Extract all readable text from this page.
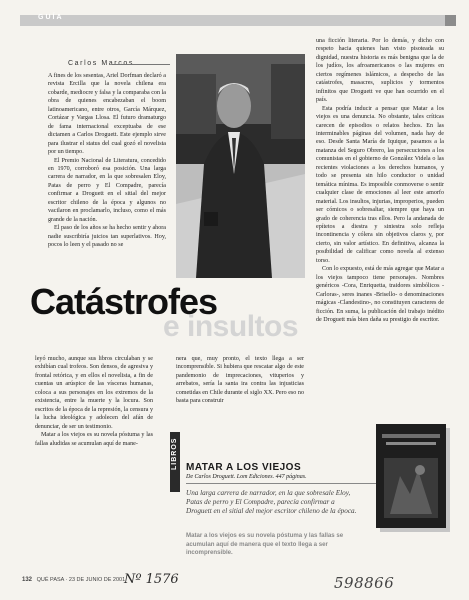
GUÍA
Carlos Marcos

A fines de los sesentas, Ariel Dorfman declaró a revista Ercilla que la novela chilena era cobarde, mediocre y falsa y la comparaba con la obra de quienes encabezaban el boom latinoamericano, entre otros, García Márquez, Cortázar y Vargas Llosa. El futuro dramaturgo de fama internacional exceptuaba de ese dictamen a Carlos Droguett. Este ejemplo sirve para ilustrar el status del cual gozó el novelista por un tiempo.

El Premio Nacional de Literatura, concedido en 1970, corroboró esa posición. Una larga carrera de narrador, en la que sobresalen Eloy, Patas de perro y El Compadre, parecía confirmar a Droguett en el sitial del mejor escritor chileno de la época y algunos no vacilaron en proclamarlo, incluso, como el más grande de la nación.

El paso de los años se ha hecho sentir y ahora nadie suscribiría juicios tan superlativos. Hoy, pocos lo leen y el pasado no se

una ficción literaria. Por lo demás, y dicho con respeto hacia quienes han visto pisoteada su dignidad, nuestra historia es más benigna que la de los judíos, los afroamericanos o las mujeres en ciertos regímenes islámicos, a despecho de las catástrofes, masacres, suplicios y tormentos infinitos que Droguett ve que han ocurrido en el país.

Esta podría inducir a pensar que Matar a los viejos es una denuncia. No obstante, tales críticas carecen de episodios o relatos hechos. En las interminables páginas del volumen, nada hay de eso. Desde Santa María de Iquique, pasamos a la matanza del Seguro Obrero, las persecuciones a los comunistas en el gobierno de González Videla o las recientes violaciones a los derechos humanos, y todo se presenta sin hilo conductor o unidad temática mínima. Es imposible conmoverse o sentir cualquier clase de emociones al leer este amorfo material. Los insultos, injurias, improperios, pueden ser cómicos o sobresaltar, siempre que haya un grado de coherencia tras ellos. Pero la andanada de epítetos a diestra y siniestra solo refleja incontinencia y cólera sin objetivos claros y, por cierto, sin valor artístico. En definitiva, alcanza la posibilidad de calificar como novela al extenso torso.

Con lo expuesto, está de más agregar que Matar a los viejos tampoco tiene personajes. Nombres genéricos -Cora, Enriquetta, traidores simbólicos -Carloras-, seres inanes -Brisello- o denominaciones mágicas -Clandestino-, no constituyen caracteres de ficción. En suma, la publicación del trabajo inédito de Droguett más bien daña su prestigio de escritor.

Catástrofes
e insultos

leyó mucho, aunque sus libros circulaban y se exhibían cual trofeos. Son densos, de agresiva y frontal retórica, y en ellos el novelista, a fin de cuentas un arúspice de las vísceras humanas, coloca a sus personajes en los extremos de la existencia, entre la muerte y la locura. Son escritos de la época de la represión, la censura y la lucha ideológica y adolecen del afán de denunciar, de ser un testimonio.

Matar a los viejos es su novela póstuma y las fallas aludidas se acumulan aquí de mane-

nera que, muy pronto, el texto llega a ser incomprensible. Si hubiera que rescatar algo de este pandemonio de imprecaciones, vituperios y arrebatos, sería la santa ira contra las injusticias cometidas en Chile durante el siglo XX. Pero eso no basta para construir

LIBROS MATAR A LOS VIEJOS
De Carlos Droguett. Lom Ediciones. 447 páginas.
Una larga carrera de narrador, en la que sobresale Eloy, Patas de perro y El Compadre, parecía confirmar a Droguett en el sitial del mejor escritor chileno de la época.
Matar a los viejos es su novela póstuma y las fallas se acumulan aquí de manera que el texto llega a ser incomprensible.
132 QUÉ PASA · 23 DE JUNIO DE 2001
Nº 1576	598866
